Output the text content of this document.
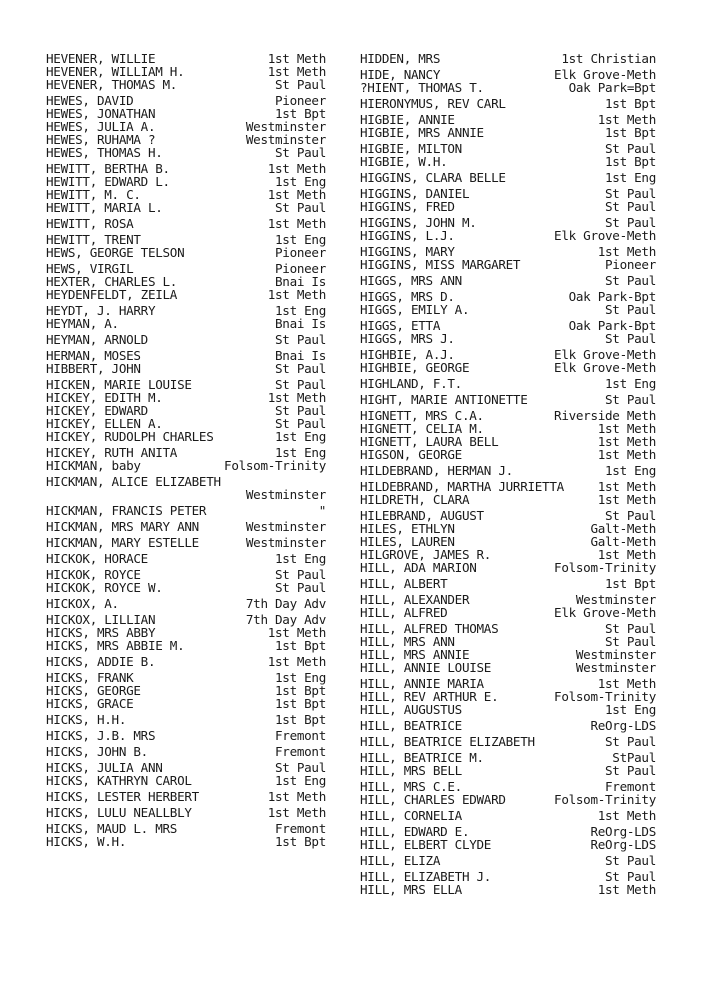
HEVENER, WILLIE	1st Meth
HEVENER, WILLIAM H.	1st Meth
HEVENER, THOMAS M.	St Paul
HEWES, DAVID	Pioneer
HEWES, JONATHAN	1st Bpt
HEWES, JULIA A.	Westminster
HEWES, RUHAMA ?	Westminster
HEWES, THOMAS H.	St Paul
HEWITT, BERTHA B.	1st Meth
HEWITT, EDWARD L.	1st Eng
HEWITT, M. C.	1st Meth
HEWITT, MARIA L.	St Paul
HEWITT, ROSA	1st Meth
HEWITT, TRENT	1st Eng
HEWS, GEORGE TELSON	Pioneer
HEWS, VIRGIL	Pioneer
HEXTER, CHARLES L.	Bnai Is
HEYDENFELDT, ZEILA	1st Meth
HEYDT, J. HARRY	1st Eng
HEYMAN, A.	Bnai Is
HEYMAN, ARNOLD	St Paul
HERMAN, MOSES	Bnai Is
HIBBERT, JOHN	St Paul
HICKEN, MARIE LOUISE	St Paul
HICKEY, EDITH M.	1st Meth
HICKEY, EDWARD	St Paul
HICKEY, ELLEN A.	St Paul
HICKEY, RUDOLPH CHARLES	1st Eng
HICKEY, RUTH ANITA	1st Eng
HICKMAN, baby	Folsom-Trinity
HICKMAN, ALICE ELIZABETH
Westminster
HICKMAN, FRANCIS PETER	"
HICKMAN, MRS MARY ANN	Westminster
HICKMAN, MARY ESTELLE	Westminster
HICKOK, HORACE	1st Eng
HICKOK, ROYCE	St Paul
HICKOK, ROYCE W.	St Paul
HICKOX, A.	7th Day Adv
HICKOX, LILLIAN	7th Day Adv
HICKS, MRS ABBY	1st Meth
HICKS, MRS ABBIE M.	1st Bpt
HICKS, ADDIE B.	1st Meth
HICKS, FRANK	1st Eng
HICKS, GEORGE	1st Bpt
HICKS, GRACE	1st Bpt
HICKS, H.H.	1st Bpt
HICKS, J.B. MRS	Fremont
HICKS, JOHN B.	Fremont
HICKS, JULIA ANN	St Paul
HICKS, KATHRYN CAROL	1st Eng
HICKS, LESTER HERBERT	1st Meth
HICKS, LULU NEALLBLY	1st Meth
HICKS, MAUD L. MRS	Fremont
HICKS, W.H.	1st Bpt
HIDDEN, MRS	1st Christian
HIDE, NANCY	Elk Grove-Meth
?HIENT, THOMAS T.	Oak Park=Bpt
HIERONYMUS, REV CARL	1st Bpt
HIGBIE, ANNIE	1st Meth
HIGBIE, MRS ANNIE	1st Bpt
HIGBIE, MILTON	St Paul
HIGBIE, W.H.	1st Bpt
HIGGINS, CLARA BELLE	1st Eng
HIGGINS, DANIEL	St Paul
HIGGINS, FRED	St Paul
HIGGINS, JOHN M.	St Paul
HIGGINS, L.J.	Elk Grove-Meth
HIGGINS, MARY	1st Meth
HIGGINS, MISS MARGARET	Pioneer
HIGGS, MRS ANN	St Paul
HIGGS, MRS D.	Oak Park-Bpt
HIGGS, EMILY A.	St Paul
HIGGS, ETTA	Oak Park-Bpt
HIGGS, MRS J.	St Paul
HIGHBIE, A.J.	Elk Grove-Meth
HIGHBIE, GEORGE	Elk Grove-Meth
HIGHLAND, F.T.	1st Eng
HIGHT, MARIE ANTIONETTE	St Paul
HIGNETT, MRS C.A.	Riverside Meth
HIGNETT, CELIA M.	1st Meth
HIGNETT, LAURA BELL	1st Meth
HIGSON, GEORGE	1st Meth
HILDEBRAND, HERMAN J.	1st Eng
HILDEBRAND, MARTHA JURRIETTA	1st Meth
HILDRETH, CLARA	1st Meth
HILEBRAND, AUGUST	St Paul
HILES, ETHLYN	Galt-Meth
HILES, LAUREN	Galt-Meth
HILGROVE, JAMES R.	1st Meth
HILL, ADA MARION	Folsom-Trinity
HILL, ALBERT	1st Bpt
HILL, ALEXANDER	Westminster
HILL, ALFRED	Elk Grove-Meth
HILL, ALFRED THOMAS	St Paul
HILL, MRS ANN	St Paul
HILL, MRS ANNIE	Westminster
HILL, ANNIE LOUISE	Westminster
HILL, ANNIE MARIA	1st Meth
HILL, REV ARTHUR E.	Folsom-Trinity
HILL, AUGUSTUS	1st Eng
HILL, BEATRICE	ReOrg-LDS
HILL, BEATRICE ELIZABETH	St Paul
HILL, BEATRICE M.	StPaul
HILL, MRS BELL	St Paul
HILL, MRS C.E.	Fremont
HILL, CHARLES EDWARD	Folsom-Trinity
HILL, CORNELIA	1st Meth
HILL, EDWARD E.	ReOrg-LDS
HILL, ELBERT CLYDE	ReOrg-LDS
HILL, ELIZA	St Paul
HILL, ELIZABETH J.	St Paul
HILL, MRS ELLA	1st Meth
